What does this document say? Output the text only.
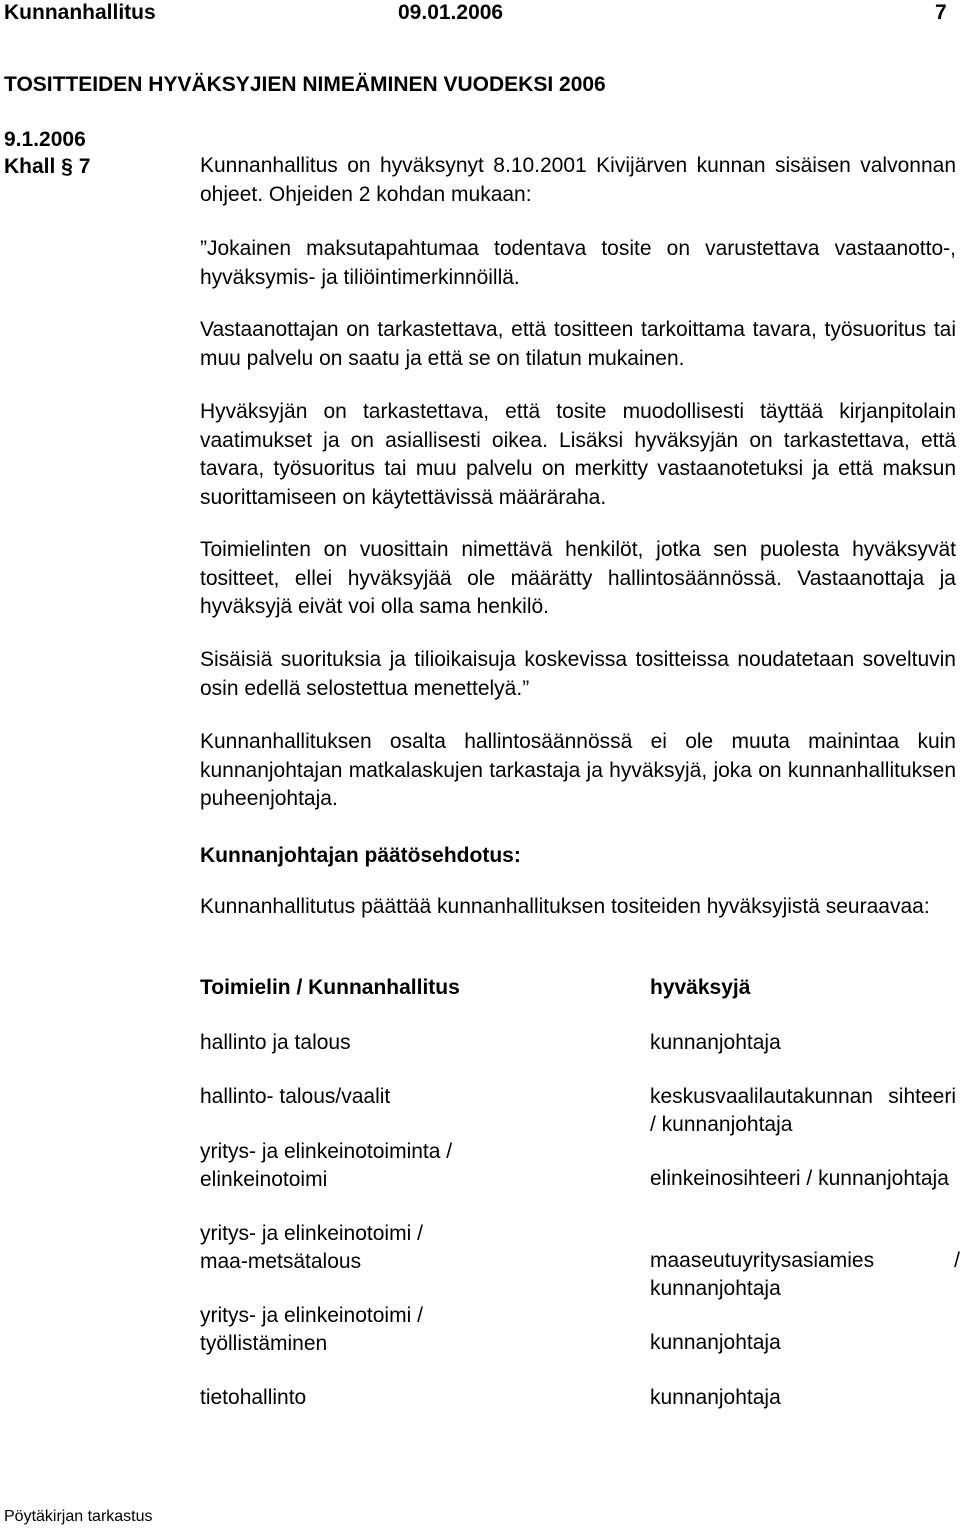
Kunnanhallitus	09.01.2006	7
TOSITTEIDEN HYVÄKSYJIEN NIMEÄMINEN VUODEKSI 2006
9.1.2006
Khall § 7	Kunnanhallitus on hyväksynyt 8.10.2001 Kivijärven kunnan sisäisen valvonnan ohjeet. Ohjeiden 2 kohdan mukaan:

”Jokainen maksutapahtumaa todentava tosite on varustettava vastaanotto-, hyväksymis- ja tiliöintimerkinnöillä.

Vastaanottajan on tarkastettava, että tositteen tarkoittama tavara, työsuoritus tai muu palvelu on saatu ja että se on tilatun mukainen.

Hyväksyjän on tarkastettava, että tosite muodollisesti täyttää kirjanpitolain vaatimukset ja on asiallisesti oikea. Lisäksi hyväksyjän on tarkastettava, että tavara, työsuoritus tai muu palvelu on merkitty vastaanotetuksi ja että maksun suorittamiseen on käytettävissä määräraha.

Toimielinten on vuosittain nimettävä henkilöt, jotka sen puolesta hyväksyvät tositteet, ellei hyväksyjää ole määrätty hallintosäännössä. Vastaanottaja ja hyväksyjä eivät voi olla sama henkilö.

Sisäisiä suorituksia ja tilioikaisuja koskevissa tositteissa noudatetaan soveltuvin osin edellä selostettua menettelyä.”

Kunnanhallituksen osalta hallintosäännössä ei ole muuta mainintaa kuin kunnanjohtajan matkalaskujen tarkastaja ja hyväksyjä, joka on kunnanhallituksen puheenjohtaja.

Kunnanjohtajan päätösehdotus:

Kunnanhallitutus päättää kunnanhallituksen tositeiden hyväksyjistä seuraavaa:

Toimielin / Kunnanhallitus	hyväksyjä
hallinto ja talous	kunnanjohtaja
hallinto- talous/vaalit	keskusvaalilautakunnan sihteeri / kunnanjohtaja
yritys- ja elinkeinotoiminta / elinkeinotoimi	elinkeinosihteeri / kunnanjohtaja
yritys- ja elinkeinotoimi / maa-metsätalous	maaseutuyritysasiamies / kunnanjohtaja
yritys- ja elinkeinotoimi / työllistäminen	kunnanjohtaja
tietohallinto	kunnanjohtaja
Pöytäkirjan tarkastus
